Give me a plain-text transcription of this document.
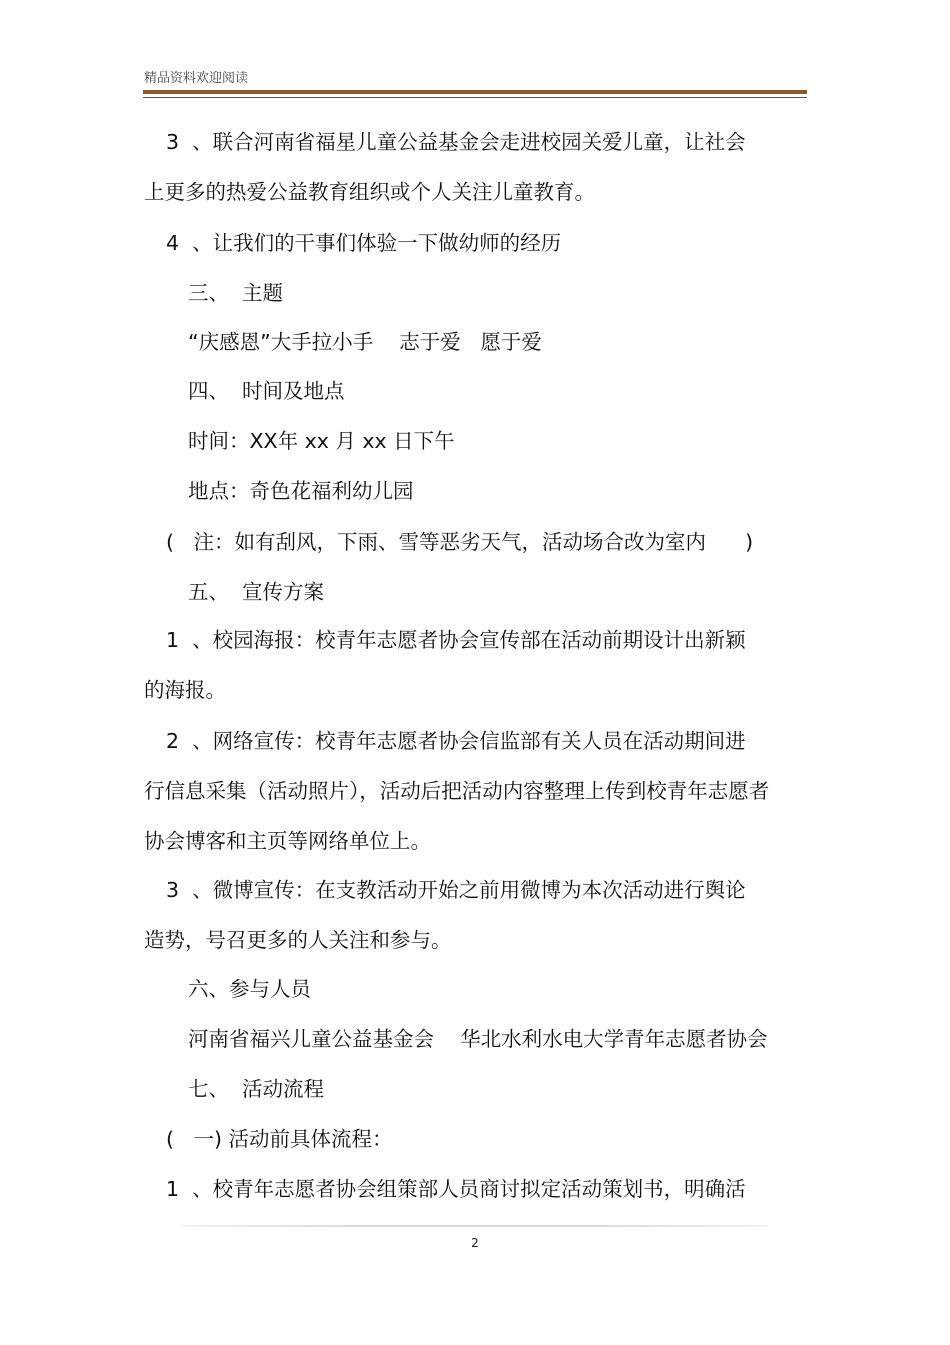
精品资料欢迎阅读
3  、联合河南省福星儿童公益基金会走进校园关爱儿童，让社会
上更多的热爱公益教育组织或个人关注儿童教育。
4  、让我们的干事们体验一下做幼师的经历
三、  主题
“庆感恩”大手拉小手    志于爱   愿于爱
四、  时间及地点
时间：XX年 xx 月 xx 日下午
地点：奇色花福利幼儿园
(   注：如有刮风，下雨、雪等恶劣天气，活动场合改为室内      )
五、  宣传方案
1  、校园海报：校青年志愿者协会宣传部在活动前期设计出新颖
的海报。
2  、网络宣传：校青年志愿者协会信监部有关人员在活动期间进
行信息采集（活动照片），活动后把活动内容整理上传到校青年志愿者
协会博客和主页等网络单位上。
3  、微博宣传：在支教活动开始之前用微博为本次活动进行舆论
造势，号召更多的人关注和参与。
六、参与人员
河南省福兴儿童公益基金会    华北水利水电大学青年志愿者协会
七、  活动流程
(   一) 活动前具体流程：
1  、校青年志愿者协会组策部人员商讨拟定活动策划书，明确活
2
